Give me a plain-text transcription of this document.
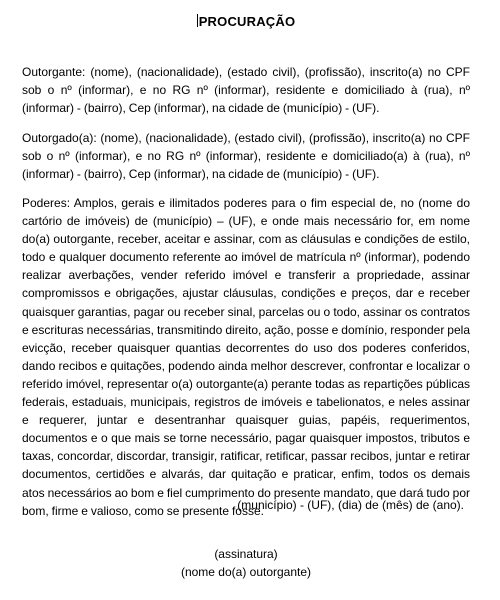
PROCURAÇÃO

Outorgante: (nome), (nacionalidade), (estado civil), (profissão), inscrito(a) no CPF sob o nº (informar), e no RG nº (informar), residente e domiciliado à (rua), nº (informar) - (bairro), Cep (informar), na cidade de (município) - (UF).

Outorgado(a): (nome), (nacionalidade), (estado civil), (profissão), inscrito(a) no CPF sob o nº (informar), e no RG nº (informar), residente e domiciliado(a) à (rua), nº (informar) - (bairro), Cep (informar), na cidade de (município) - (UF).

Poderes: Amplos, gerais e ilimitados poderes para o fim especial de, no (nome do cartório de imóveis) de (município) – (UF), e onde mais necessário for, em nome do(a) outorgante, receber, aceitar e assinar, com as cláusulas e condições de estilo, todo e qualquer documento referente ao imóvel de matrícula nº (informar), podendo realizar averbações, vender referido imóvel e transferir a propriedade, assinar compromissos e obrigações, ajustar cláusulas, condições e preços, dar e receber quaisquer garantias, pagar ou receber sinal, parcelas ou o todo, assinar os contratos e escrituras necessárias, transmitindo direito, ação, posse e domínio, responder pela evicção, receber quaisquer quantias decorrentes do uso dos poderes conferidos, dando recibos e quitações, podendo ainda melhor descrever, confrontar e localizar o referido imóvel, representar o(a) outorgante(a) perante todas as repartições públicas federais, estaduais, municipais, registros de imóveis e tabelionatos, e neles assinar e requerer, juntar e desentranhar quaisquer guias, papéis, requerimentos, documentos e o que mais se torne necessário, pagar quaisquer impostos, tributos e taxas, concordar, discordar, transigir, ratificar, retificar, passar recibos, juntar e retirar documentos, certidões e alvarás, dar quitação e praticar, enfim, todos os demais atos necessários ao bom e fiel cumprimento do presente mandato, que dará tudo por bom, firme e valioso, como se presente fosse.

(município) - (UF), (dia) de (mês) de (ano).
(assinatura)
(nome do(a) outorgante)
